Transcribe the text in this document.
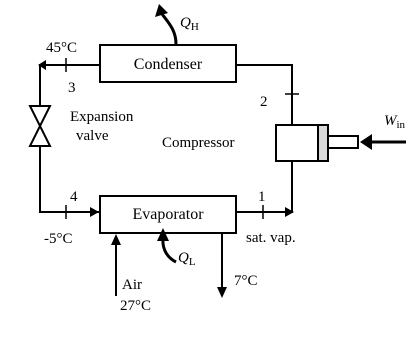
Condenser
Evaporator
$W_{in}$
$Q_H$
$Q_L$
45°C
3
Expansion
valve	Compressor
2
4	1
-5°C	sat. vap.
Air
27°C
7°C
